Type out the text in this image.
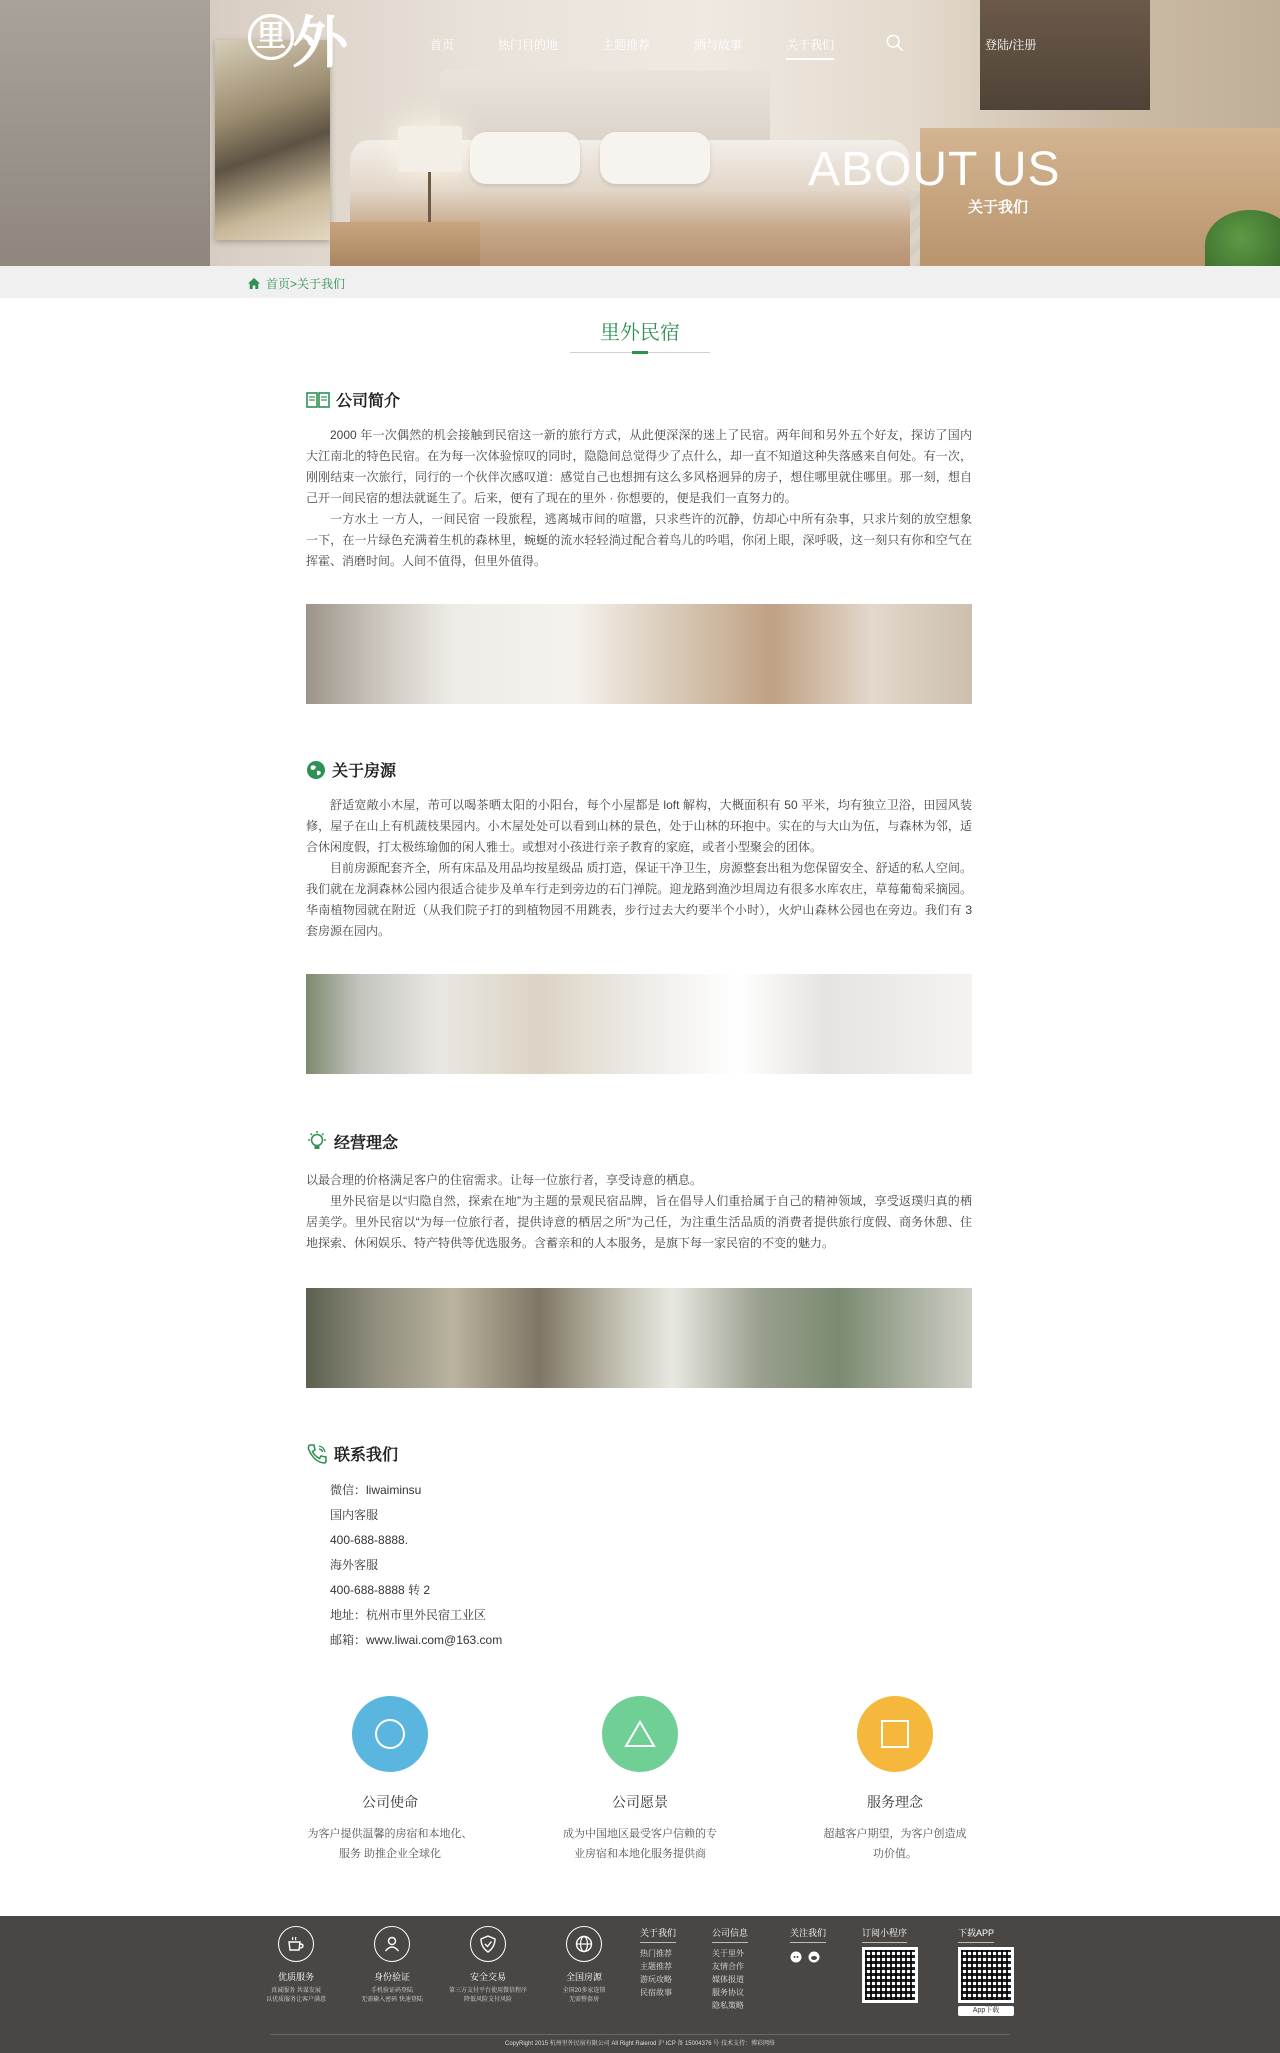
里 外	首页	热门目的地	主题推荐	酒与故事	关于我们	登陆/注册
ABOUT US
关于我们
首页 > 关于我们
里外民宿
公司简介

2000 年一次偶然的机会接触到民宿这一新的旅行方式，从此便深深的迷上了民宿。两年间和另外五个好友，探访了国内大江南北的特色民宿。在为每一次体验惊叹的同时，隐隐间总觉得少了点什么，却一直不知道这种失落感来自何处。有一次，刚刚结束一次旅行，同行的一个伙伴次感叹道：感觉自己也想拥有这么多风格迥异的房子，想住哪里就住哪里。那一刻，想自己开一间民宿的想法就诞生了。后来，便有了现在的里外 · 你想要的，便是我们一直努力的。

一方水土 一方人，一间民宿 一段旅程，逃离城市间的喧嚣，只求些许的沉静，仿却心中所有杂事，只求片刻的放空想象一下，在一片绿色充满着生机的森林里，蜿蜒的流水轻轻淌过配合着鸟儿的吟唱，你闭上眼，深呼吸，这一刻只有你和空气在挥霍、消磨时间。人间不值得，但里外值得。

关于房源

舒适宽敞小木屋，芾可以喝茶晒太阳的小阳台，每个小屋都是 loft 解构，大概面积有 50 平米，均有独立卫浴，田园风装修，屋子在山上有机蔬枝果园内。小木屋处处可以看到山林的景色，处于山林的环抱中。实在的与大山为伍，与森林为邻，适合休闲度假，打太极练瑜伽的闲人雅士。或想对小孩进行亲子教育的家庭，或者小型聚会的团体。

目前房源配套齐全，所有床品及用品均按星级品 质打造，保证干净卫生，房源整套出租为您保留安全、舒适的私人空间。我们就在龙洞森林公园内很适合徒步及单车行走到旁边的石门禅院。迎龙路到渔沙坦周边有很多水库农庄，草莓葡萄采摘园。华南植物园就在附近（从我们院子打的到植物园不用跳表，步行过去大约要半个小时），火炉山森林公园也在旁边。我们有 3 套房源在园内。

经营理念
以最合理的价格满足客户的住宿需求。让每一位旅行者，享受诗意的栖息。

里外民宿是以“归隐自然，探索在地”为主题的景观民宿品牌，旨在倡导人们重拾属于自己的精神领域，享受返璞归真的栖居美学。里外民宿以“为每一位旅行者，提供诗意的栖居之所”为己任，为注重生活品质的消费者提供旅行度假、商务休憩、住地探索、休闲娱乐、特产特供等优选服务。含蓄亲和的人本服务，是旗下每一家民宿的不变的魅力。

联系我们
微信：liwaiminsu
国内客服
400-688-8888.
海外客服
400-688-8888 转 2
地址：杭州市里外民宿工业区
邮箱：www.liwai.com@163.com
公司使命
为客户提供温馨的房宿和本地化、
服务 助推企业全球化
公司愿景
成为中国地区最受客户信赖的专
业房宿和本地化服务提供商
服务理念
超越客户期望，为客户创造成
功价值。
优质服务
真诚服务 共谋发展
以优质服务让客户满意
身份验证
手机验证码登陆
无需输入密码 快速登陆
安全交易
第三方支付平台使用微信程序
降低风险支付风险
全国房源
全国20多家连锁
无需整套房
关于我们
热门推荐
主题推荐
游玩攻略
民宿故事
公司信息
关于里外
友情合作
媒体报道
服务协议
隐私策略
关注我们	订阅小程序	下载APP
App下载
CopyRight 2015 杭州里外民宿有限公司 All Right Raierod 沪 ICP 备 15004376 号 技术支持：博彩网络
